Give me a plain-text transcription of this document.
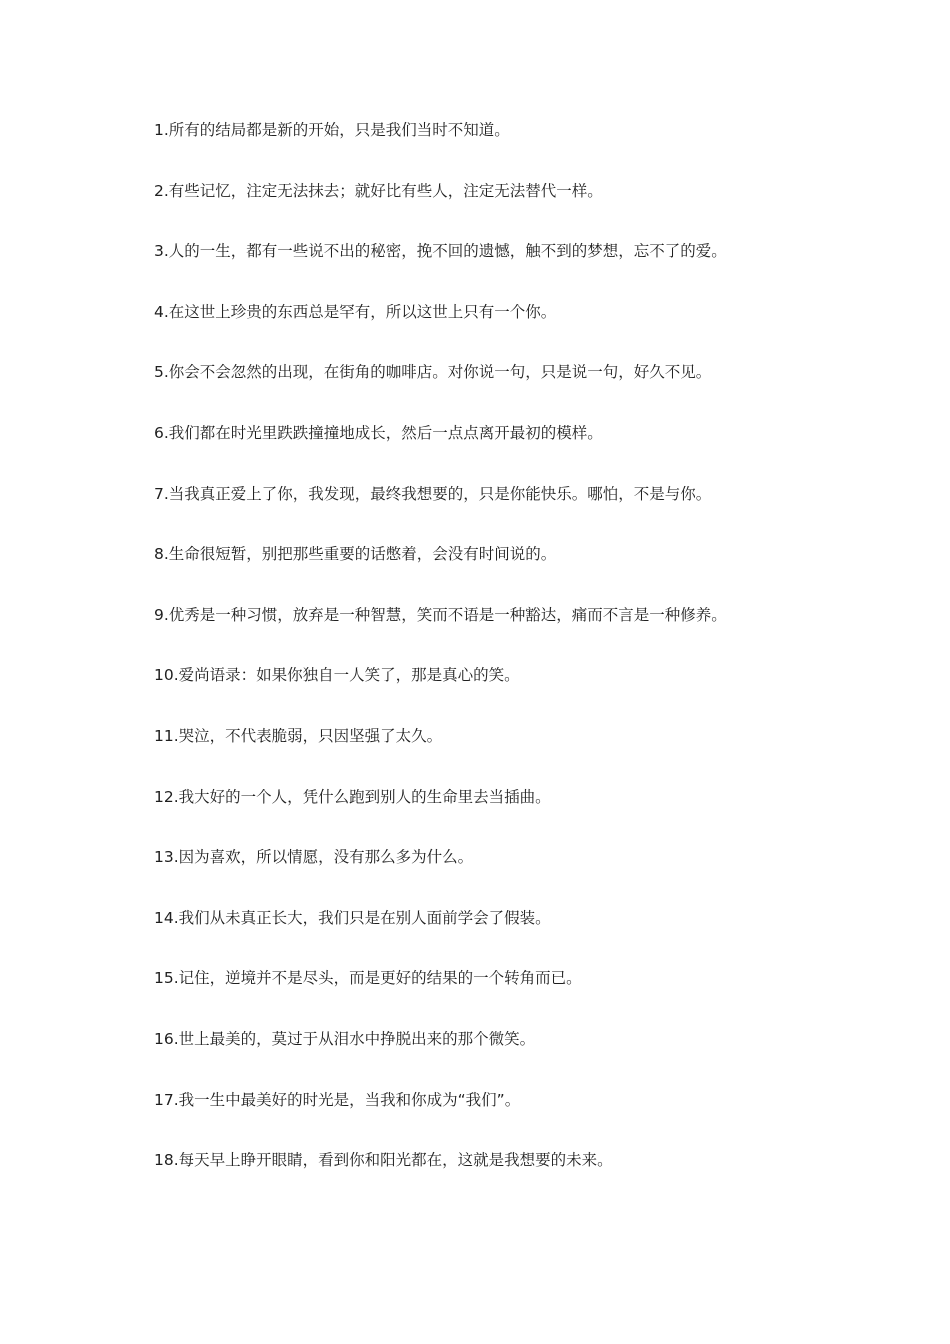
1.所有的结局都是新的开始，只是我们当时不知道。
2.有些记忆，注定无法抹去；就好比有些人，注定无法替代一样。
3.人的一生，都有一些说不出的秘密，挽不回的遗憾，触不到的梦想，忘不了的爱。
4.在这世上珍贵的东西总是罕有，所以这世上只有一个你。
5.你会不会忽然的出现，在街角的咖啡店。对你说一句，只是说一句，好久不见。
6.我们都在时光里跌跌撞撞地成长，然后一点点离开最初的模样。
7.当我真正爱上了你，我发现，最终我想要的，只是你能快乐。哪怕，不是与你。
8.生命很短暂，别把那些重要的话憋着，会没有时间说的。
9.优秀是一种习惯，放弃是一种智慧，笑而不语是一种豁达，痛而不言是一种修养。
10.爱尚语录：如果你独自一人笑了，那是真心的笑。
11.哭泣，不代表脆弱，只因坚强了太久。
12.我大好的一个人，凭什么跑到别人的生命里去当插曲。
13.因为喜欢，所以情愿，没有那么多为什么。
14.我们从未真正长大，我们只是在别人面前学会了假装。
15.记住，逆境并不是尽头，而是更好的结果的一个转角而已。
16.世上最美的，莫过于从泪水中挣脱出来的那个微笑。
17.我一生中最美好的时光是，当我和你成为“我们”。
18.每天早上睁开眼睛，看到你和阳光都在，这就是我想要的未来。
